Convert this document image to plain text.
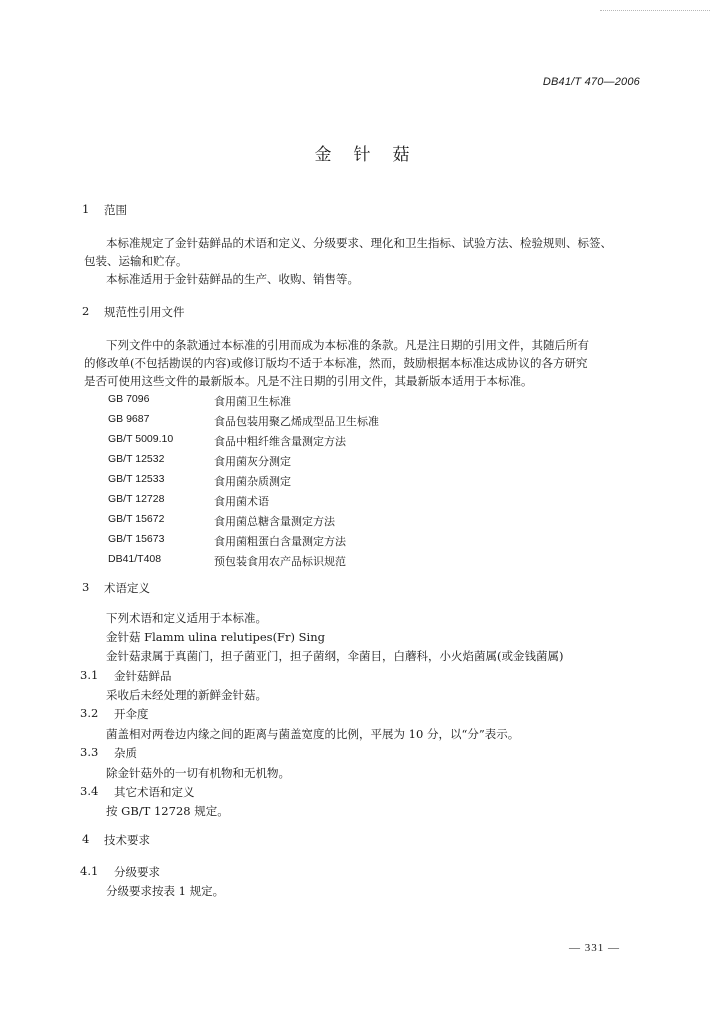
DB41/T 470—2006
金针菇
1 范围
本标准规定了金针菇鲜品的术语和定义、分级要求、理化和卫生指标、试验方法、检验规则、标签、
包装、运输和贮存。
本标准适用于金针菇鲜品的生产、收购、销售等。
2 规范性引用文件
下列文件中的条款通过本标准的引用而成为本标准的条款。凡是注日期的引用文件，其随后所有
的修改单(不包括勘误的内容)或修订版均不适于本标准，然而，鼓励根据本标准达成协议的各方研究
是否可使用这些文件的最新版本。凡是不注日期的引用文件，其最新版本适用于本标准。
GB 7096	食用菌卫生标准
GB 9687	食品包装用聚乙烯成型品卫生标准
GB/T 5009.10	食品中粗纤维含量测定方法
GB/T 12532	食用菌灰分测定
GB/T 12533	食用菌杂质测定
GB/T 12728	食用菌术语
GB/T 15672	食用菌总糖含量测定方法
GB/T 15673	食用菌粗蛋白含量测定方法
DB41/T408	预包装食用农产品标识规范
3 术语定义
下列术语和定义适用于本标准。
金针菇 Flamm ulina relutipes(Fr) Sing
金针菇隶属于真菌门，担子菌亚门，担子菌纲，伞菌目，白蘑科，小火焰菌属(或金钱菌属)
3.1 金针菇鲜品
采收后未经处理的新鲜金针菇。
3.2 开伞度
菌盖相对两卷边内缘之间的距离与菌盖宽度的比例，平展为 10 分，以“分”表示。
3.3 杂质
除金针菇外的一切有机物和无机物。
3.4 其它术语和定义
按 GB/T 12728 规定。
4 技术要求
4.1 分级要求
分级要求按表 1 规定。
— 331 —
